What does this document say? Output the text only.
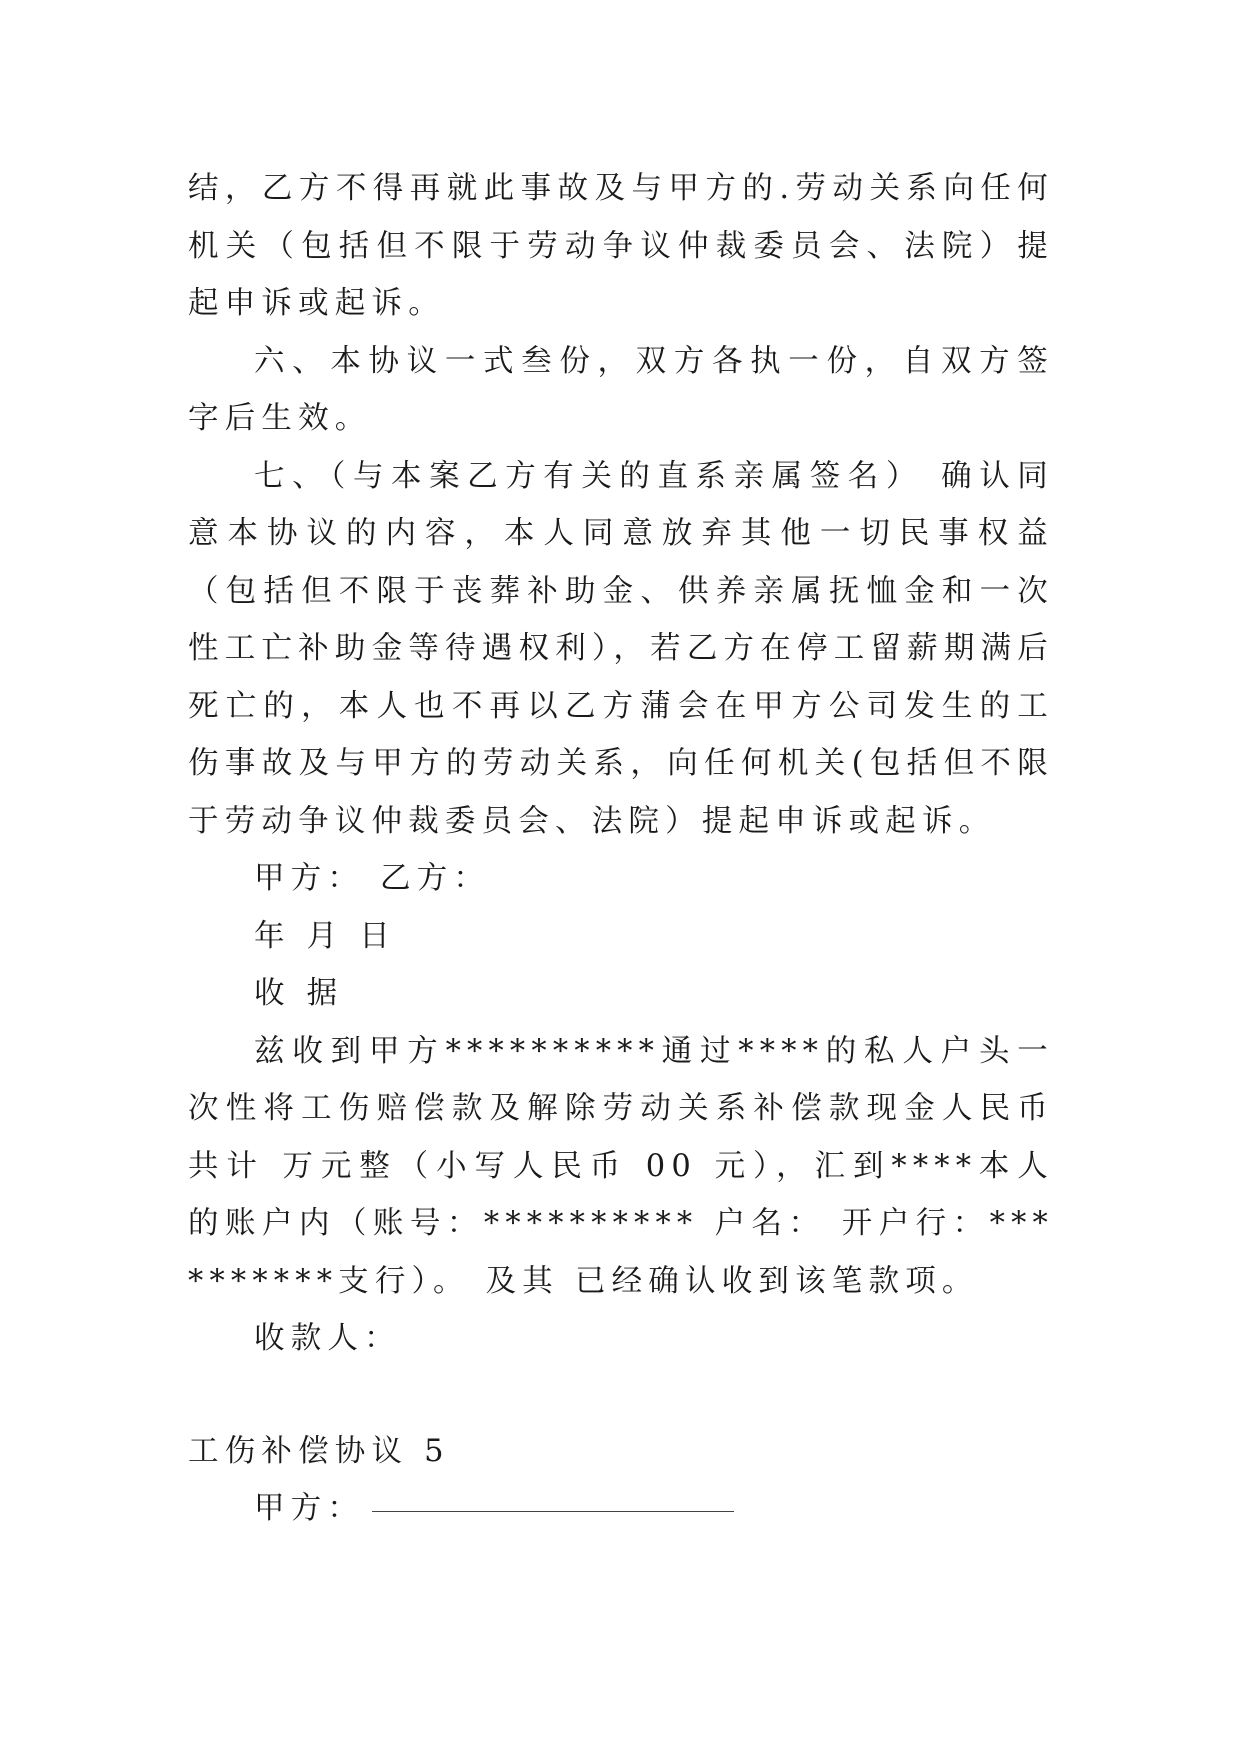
结，乙方不得再就此事故及与甲方的.劳动关系向任何机关（包括但不限于劳动争议仲裁委员会、法院）提起申诉或起诉。

六、本协议一式叁份，双方各执一份，自双方签字后生效。

七、（与本案乙方有关的直系亲属签名） 确认同意本协议的内容，本人同意放弃其他一切民事权益（包括但不限于丧葬补助金、供养亲属抚恤金和一次性工亡补助金等待遇权利），若乙方在停工留薪期满后死亡的，本人也不再以乙方蒲会在甲方公司发生的工伤事故及与甲方的劳动关系，向任何机关(包括但不限于劳动争议仲裁委员会、法院）提起申诉或起诉。

甲方： 乙方：

年 月 日

收 据

兹收到甲方**********通过****的私人户头一次性将工伤赔偿款及解除劳动关系补偿款现金人民币共计 万元整（小写人民币 00 元），汇到****本人的账户内（账号：********** 户名： 开户行：**********支行）。 及其 已经确认收到该笔款项。

收款人：

工伤补偿协议 5

甲方：
